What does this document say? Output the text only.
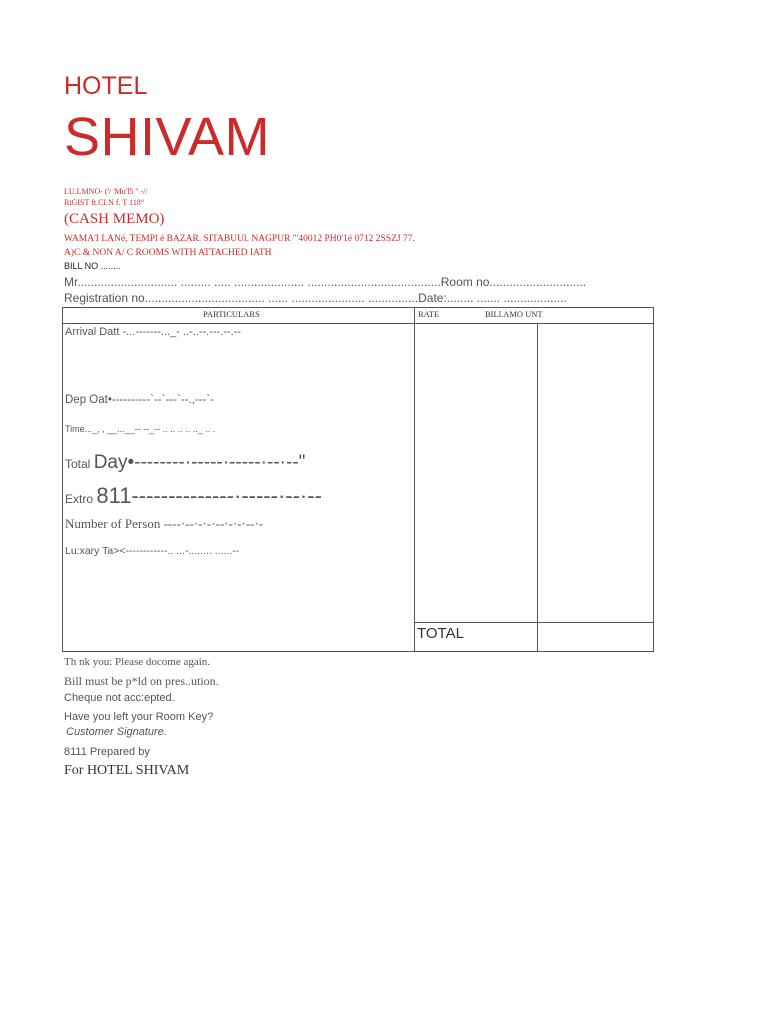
HOTEL
SHIVAM
LU.LMNO- ('/ 'Mu'l5 '' -//
RtGIST ft.CI.N f. T 118°
(CASH MEMO)
WAMA'I LANé, TEMPl é BAZAR. SITABUUl. NAGPUR '"40012 PH0'1é 0712 2SSZJ 77.
A)C & NON A/ C ROOMS WITH ATTACHED IATH
BILL NO ........
Mr.............................. ......... ..... ..................... ........................................Room no.............................
Registration no.................................... ...... ...................... ...............Date:........ ....... ...................
PARTICULARS	RATE	BILl.AMO UNT
Arrival Datt -...-------..._- ..-..--.---.--.--
Dep Oat•----------`--`---`--.,---`-
Time..._, , __...__-- --_-- .. .. .. .. .._ .. .
Total Day•--------·-----·-----·--·--"
Extro 811--------------·-----·--·--
Number of Person ----·--·-·-·--·-·-·--·-
Lu:xary Ta><------------.. ...-........ ......--
TOTAL
Th nk you: Please docome again.
Bill must be p*ld on pres..ution.
Cheque not acc:epted.
Have you left your Room Key?
Customer Signature.
8111 Prepared by
For HOTEL SHIVAM
